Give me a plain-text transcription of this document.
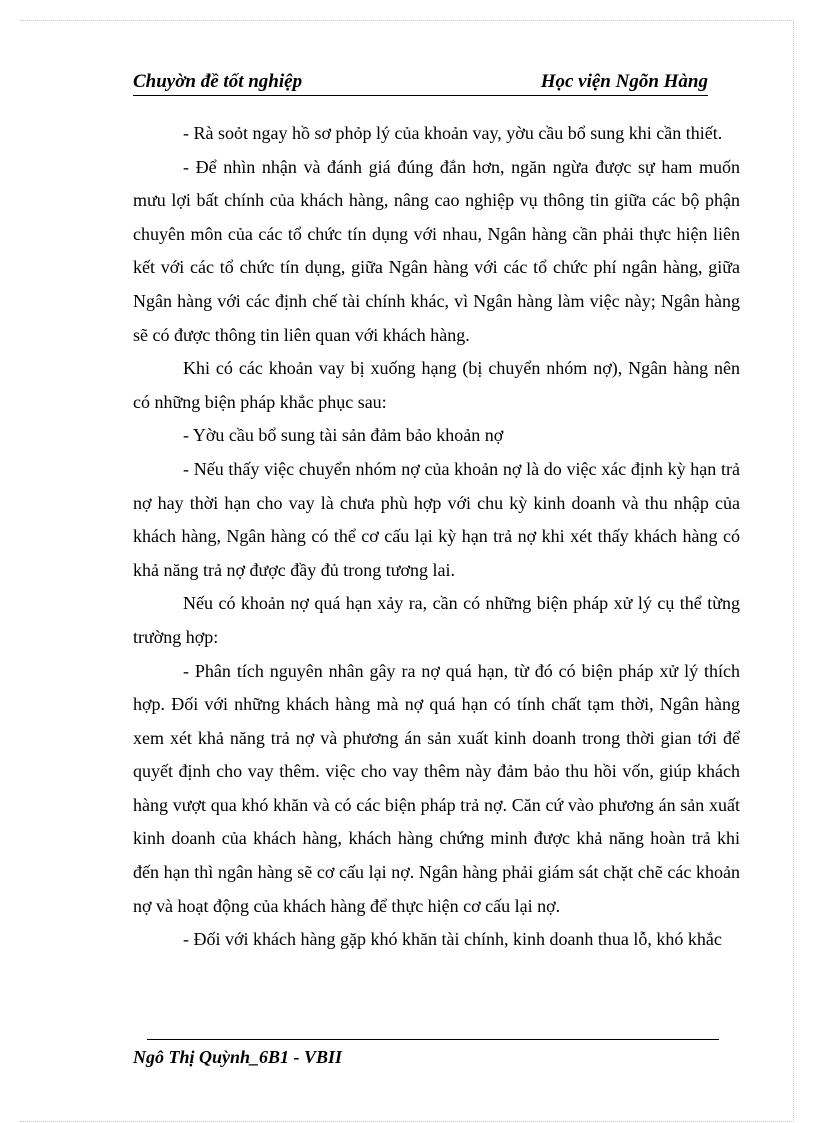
Chuyờn đề tốt nghiệp	Học viện Ngõn Hàng

- Rà soỏt ngay hồ sơ phỏp lý của khoản vay, yờu cầu bổ sung khi cần thiết.

- Để nhìn nhận và đánh giá đúng đắn hơn, ngăn ngừa được sự ham muốn mưu lợi bất chính của khách hàng, nâng cao nghiệp vụ thông tin giữa các bộ phận chuyên môn của các tổ chức tín dụng với nhau, Ngân hàng cần phải thực hiện liên kết với các tổ chức tín dụng, giữa Ngân hàng với các tổ chức phí ngân hàng, giữa Ngân hàng với các định chế tài chính khác, vì Ngân hàng làm việc này; Ngân hàng sẽ có được thông tin liên quan với khách hàng.

Khi có các khoản vay bị xuống hạng (bị chuyển nhóm nợ), Ngân hàng nên có những biện pháp khắc phục sau:

- Yờu cầu bổ sung tài sản đảm bảo khoản nợ

- Nếu thấy việc chuyển nhóm nợ của khoản nợ là do việc xác định kỳ hạn trả nợ hay thời hạn cho vay là chưa phù hợp với chu kỳ kinh doanh và thu nhập của khách hàng, Ngân hàng có thể cơ cấu lại kỳ hạn trả nợ khi xét thấy khách hàng có khả năng trả nợ được đầy đủ trong tương lai.

Nếu có khoản nợ quá hạn xảy ra, cần có những biện pháp xử lý cụ thể từng trường hợp:

- Phân tích nguyên nhân gây ra nợ quá hạn, từ đó có biện pháp xử lý thích hợp. Đối với những khách hàng mà nợ quá hạn có tính chất tạm thời, Ngân hàng xem xét khả năng trả nợ và phương án sản xuất kinh doanh trong thời gian tới để quyết định cho vay thêm. việc cho vay thêm này đảm bảo thu hồi vốn, giúp khách hàng vượt qua khó khăn và có các biện pháp trả nợ. Căn cứ vào phương án sản xuất kinh doanh của khách hàng, khách hàng chứng minh được khả năng hoàn trả khi đến hạn thì ngân hàng sẽ cơ cấu lại nợ. Ngân hàng phải giám sát chặt chẽ các khoản nợ và hoạt động của khách hàng để thực hiện cơ cấu lại nợ.

- Đối với khách hàng gặp khó khăn tài chính, kinh doanh thua lỗ, khó khắc

Ngô Thị Quỳnh_6B1 - VBII
